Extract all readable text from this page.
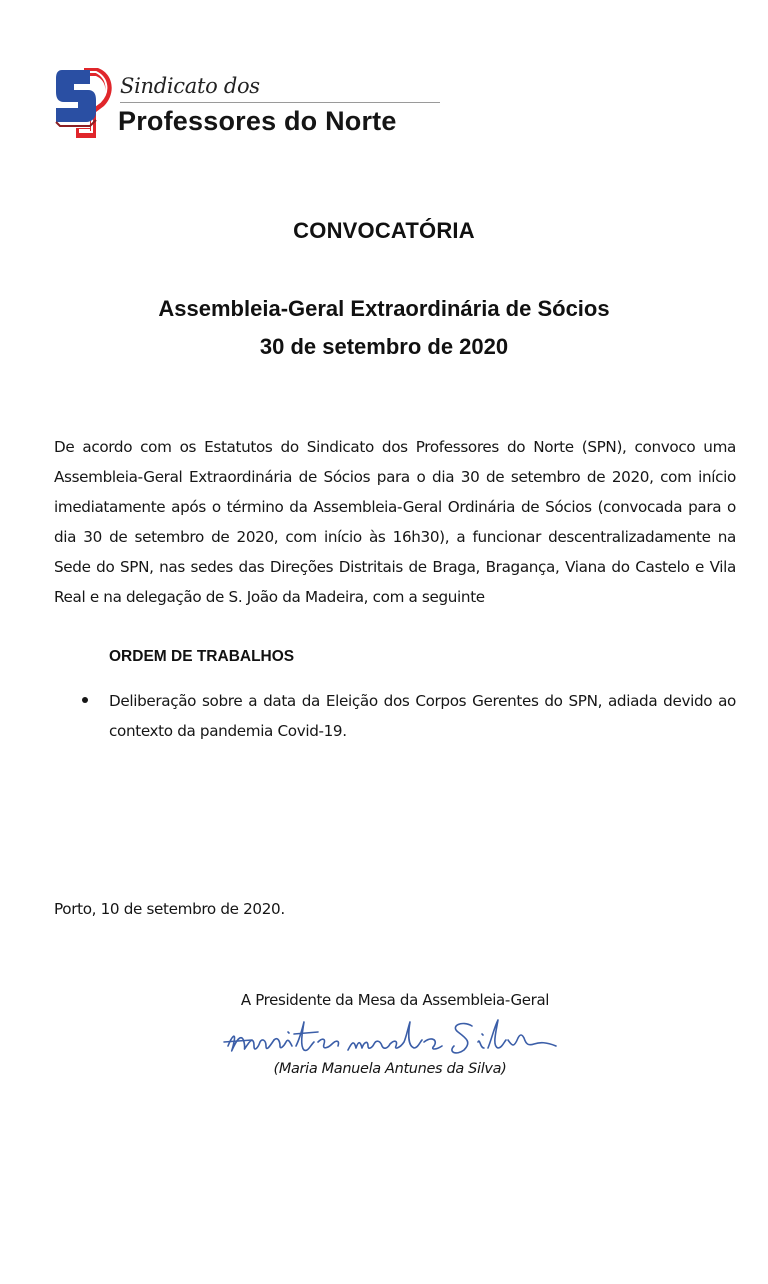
Sindicato dos
Professores do Norte
CONVOCATÓRIA
Assembleia-Geral Extraordinária de Sócios
30 de setembro de 2020

De acordo com os Estatutos do Sindicato dos Professores do Norte (SPN), convoco uma Assembleia-Geral Extraordinária de Sócios para o dia 30 de setembro de 2020, com início imediatamente após o término da Assembleia-Geral Ordinária de Sócios (convocada para o dia 30 de setembro de 2020, com início às 16h30), a funcionar descentralizadamente na Sede do SPN, nas sedes das Direções Distritais de Braga, Bragança, Viana do Castelo e Vila Real e na delegação de S. João da Madeira, com a seguinte

ORDEM DE TRABALHOS
Deliberação sobre a data da Eleição dos Corpos Gerentes do SPN, adiada devido ao contexto da pandemia Covid-19.
Porto, 10 de setembro de 2020.
A Presidente da Mesa da Assembleia-Geral
(Maria Manuela Antunes da Silva)
